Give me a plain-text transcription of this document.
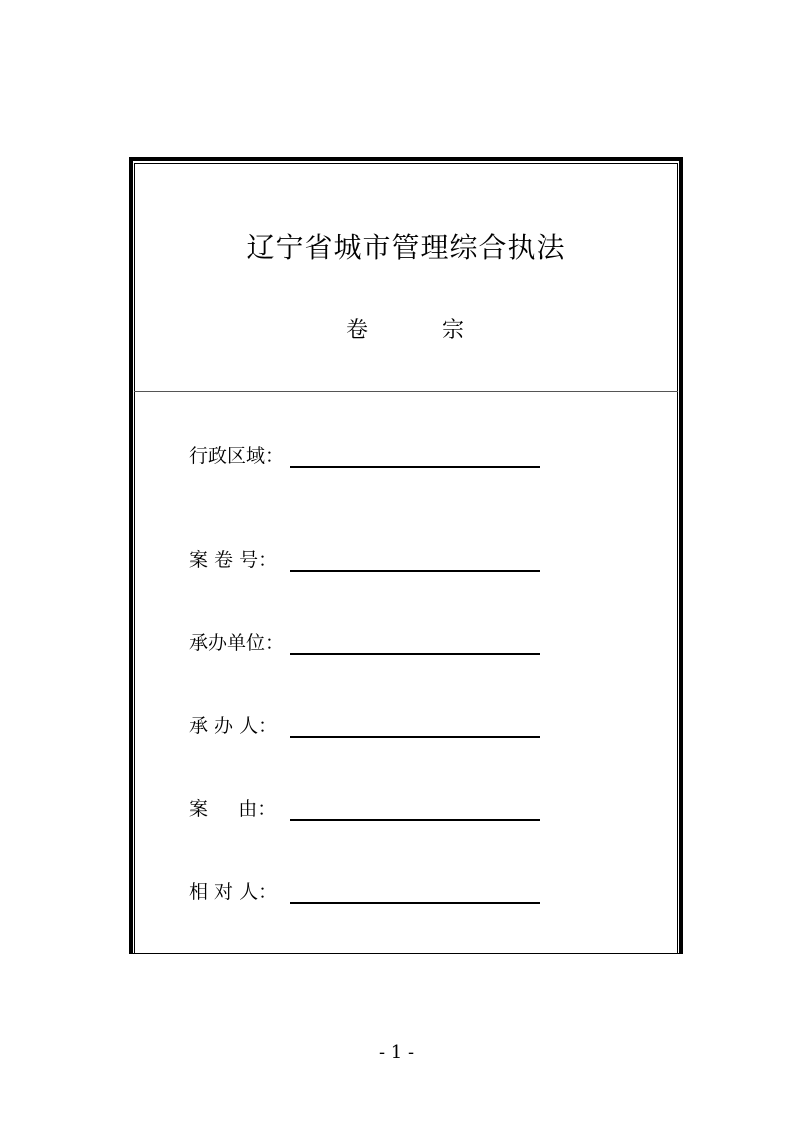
辽宁省城市管理综合执法
卷	宗
行政区域：
案 卷 号：
承办单位：
承 办 人：
案     由：
相 对 人：
- 1 -
